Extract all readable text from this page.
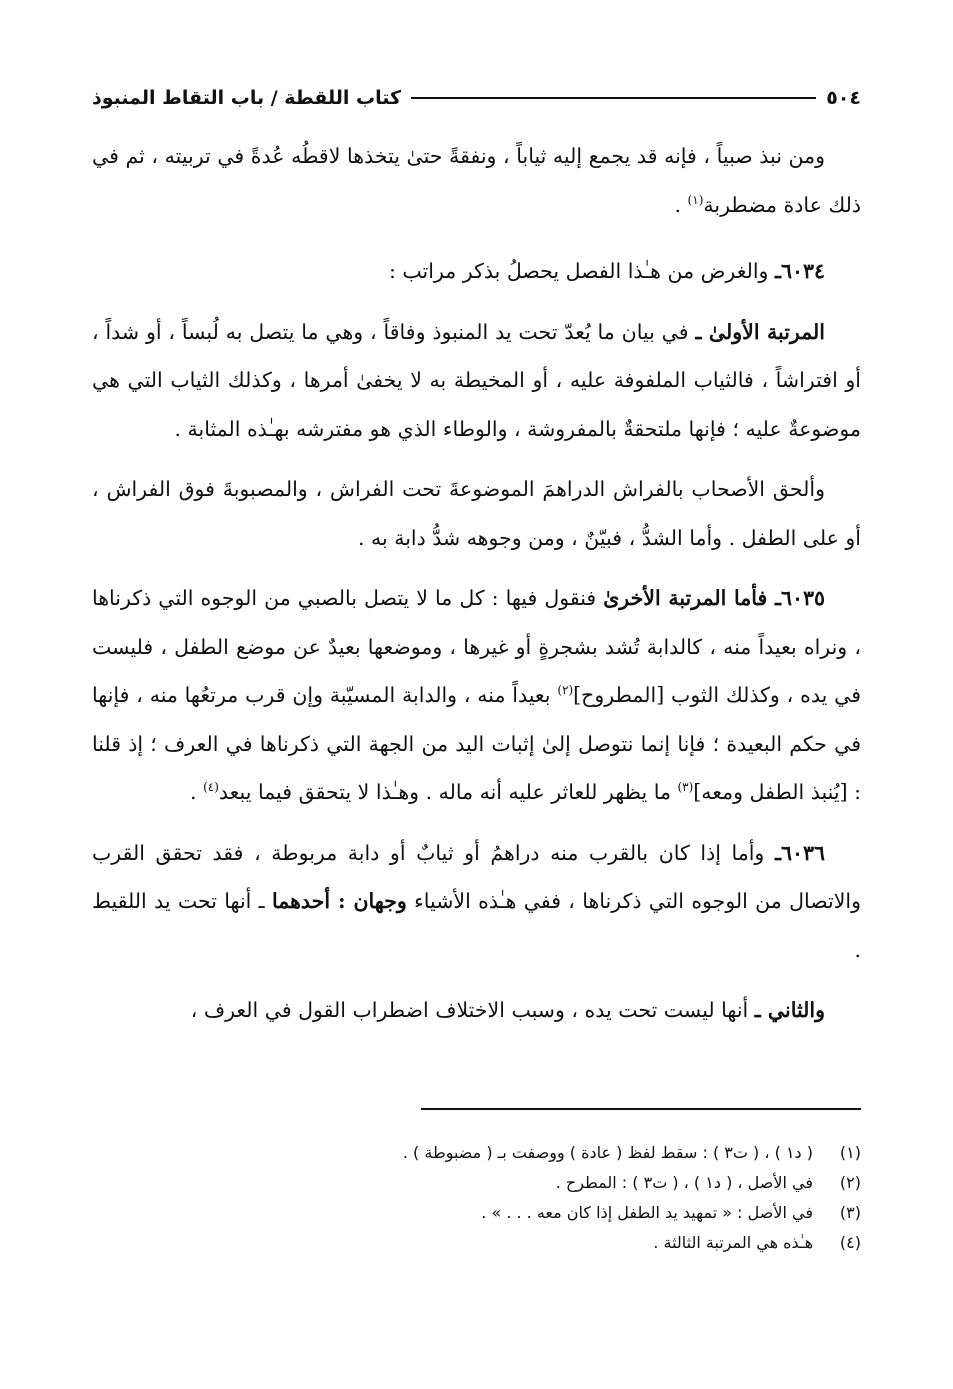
٥٠٤
كتاب اللقطة / باب التقاط المنبوذ

ومن نبذ صبياً ، فإنه قد يجمع إليه ثياباً ، ونفقةً حتىٰ يتخذها لاقطُه عُدةً في تربيته ، ثم في ذلك عادة مضطربة$^{(١)}$ .

٦٠٣٤ـ والغرض من هـٰذا الفصل يحصلُ بذكر مراتب :

المرتبة الأولىٰ ـ في بيان ما يُعدّ تحت يد المنبوذ وفاقاً ، وهي ما يتصل به لُبساً ، أو شداً ، أو افتراشاً ، فالثياب الملفوفة عليه ، أو المخيطة به لا يخفىٰ أمرها ، وكذلك الثياب التي هي موضوعةٌ عليه ؛ فإنها ملتحقةٌ بالمفروشة ، والوطاء الذي هو مفترشه بهـٰذه المثابة .

وألحق الأصحاب بالفراش الدراهمَ الموضوعةَ تحت الفراش ، والمصبوبةَ فوق الفراش ، أو على الطفل . وأما الشدُّ ، فبيّنٌ ، ومن وجوهه شدُّ دابة به .

٦٠٣٥ـ فأما المرتبة الأخرىٰ فنقول فيها : كل ما لا يتصل بالصبي من الوجوه التي ذكرناها ، ونراه بعيداً منه ، كالدابة تُشد بشجرةٍ أو غيرها ، وموضعها بعيدٌ عن موضع الطفل ، فليست في يده ، وكذلك الثوب [المطروح]$^{(٢)}$ بعيداً منه ، والدابة المسيّبة وإن قرب مرتعُها منه ، فإنها في حكم البعيدة ؛ فإنا إنما نتوصل إلىٰ إثبات اليد من الجهة التي ذكرناها في العرف ؛ إذ قلنا : [يُنبذ الطفل ومعه]$^{(٣)}$ ما يظهر للعاثر عليه أنه ماله . وهـٰذا لا يتحقق فيما يبعد$^{(٤)}$ .

٦٠٣٦ـ وأما إذا كان بالقرب منه دراهمُ أو ثيابٌ أو دابة مربوطة ، فقد تحقق القرب والاتصال من الوجوه التي ذكرناها ، ففي هـٰذه الأشياء وجهان : أحدهما ـ أنها تحت يد اللقيط .

والثاني ـ أنها ليست تحت يده ، وسبب الاختلاف اضطراب القول في العرف ،

(١)
( د١ ) ، ( ت٣ ) : سقط لفظ ( عادة ) ووصفت بـ ( مضبوطة ) .
(٢)
في الأصل ، ( د١ ) ، ( ت٣ ) : المطرح .
(٣)
في الأصل : « تمهيد يد الطفل إذا كان معه . . . » .
(٤)
هـٰذه هي المرتبة الثالثة .
